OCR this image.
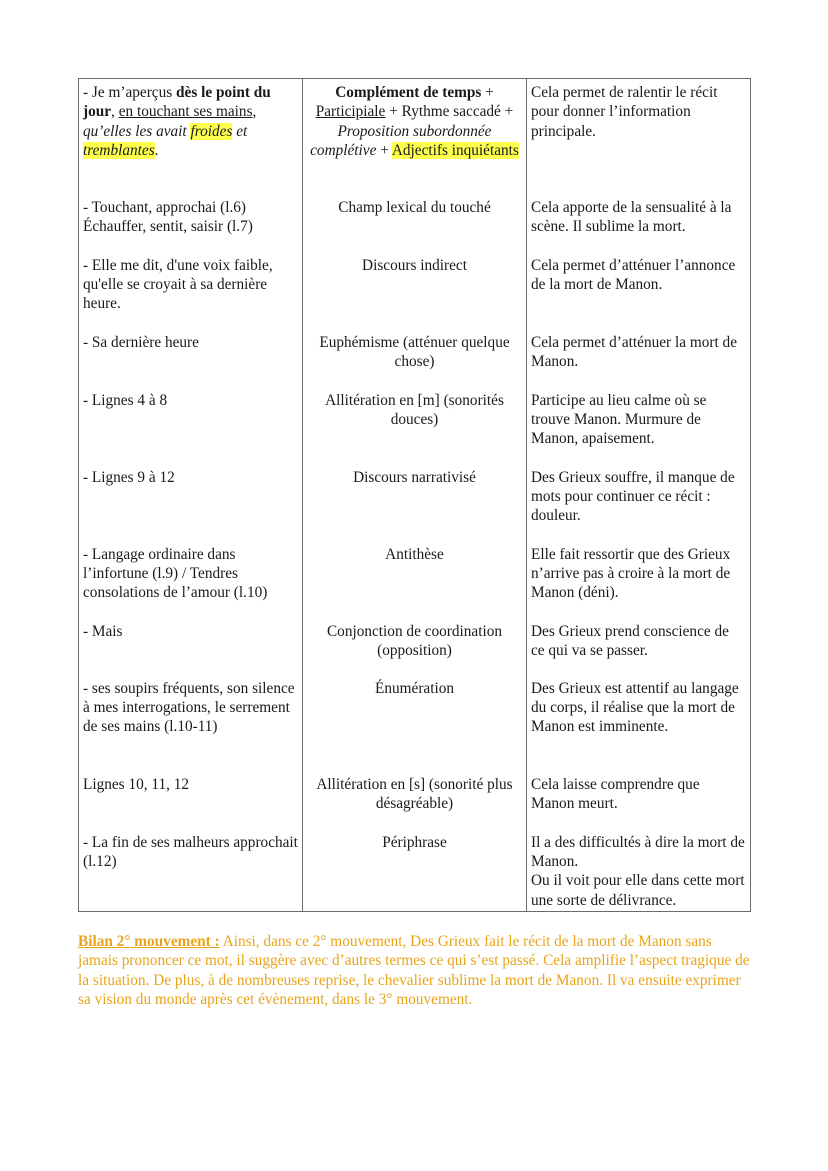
- Je m’aperçus dès le point du jour, en touchant ses mains, qu’elles les avait froides et tremblantes.	Complément de temps + Participiale + Rythme saccadé + Proposition subordonnée complétive + Adjectifs inquiétants	Cela permet de ralentir le récit pour donner l’information principale.

- Touchant, approchai (l.6)
Échauffer, sentit, saisir (l.7)	Champ lexical du touché	Cela apporte de la sensualité à la scène. Il sublime la mort.
- Elle me dit, d'une voix faible, qu'elle se croyait à sa dernière heure.	Discours indirect	Cela permet d’atténuer l’annonce de la mort de Manon.
- Sa dernière heure	Euphémisme (atténuer quelque chose)	Cela permet d’atténuer la mort de Manon.
- Lignes 4 à 8	Allitération en [m] (sonorités douces)	Participe au lieu calme où se trouve Manon. Murmure de Manon, apaisement.
- Lignes 9 à 12	Discours narrativisé	Des Grieux souffre, il manque de mots pour continuer ce récit : douleur.
- Langage ordinaire dans l’infortune (l.9) / Tendres consolations de l’amour (l.10)	Antithèse	Elle fait ressortir que des Grieux n’arrive pas à croire à la mort de Manon (déni).
- Mais	Conjonction de coordination (opposition)	Des Grieux prend conscience de ce qui va se passer.
- ses soupirs fréquents, son silence à mes interrogations, le serrement de ses mains (l.10-11)	Énumération	Des Grieux est attentif au langage du corps, il réalise que la mort de Manon est imminente.
Lignes 10, 11, 12	Allitération en [s] (sonorité plus désagréable)	Cela laisse comprendre que Manon meurt.
- La fin de ses malheurs approchait (l.12)	Périphrase	Il a des difficultés à dire la mort de Manon.
Ou il voit pour elle dans cette mort une sorte de délivrance.

Bilan 2° mouvement : Ainsi, dans ce 2° mouvement, Des Grieux fait le récit de la mort de Manon sans jamais prononcer ce mot, il suggère avec d’autres termes ce qui s’est passé. Cela amplifie l’aspect tragique de la situation. De plus, à de nombreuses reprise, le chevalier sublime la mort de Manon. Il va ensuite exprimer sa vision du monde après cet évènement, dans le 3° mouvement.
